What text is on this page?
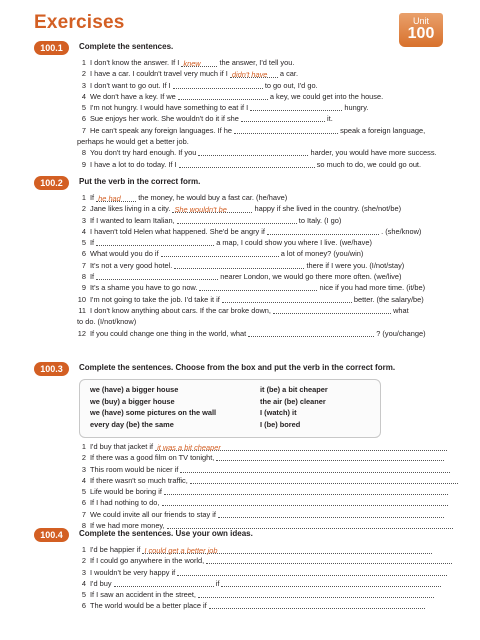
Exercises	Unit
100
100.1	Complete the sentences.
1 I don't know the answer. If I knew	the answer, I'd tell you.
2 I have a car. I couldn't travel very much if I didn't have a car.
3 I don't want to go out. If I	to go out, I'd go.
4 We don't have a key. If we	a key, we could get into the house.
5 I'm not hungry. I would have something to eat if I	hungry.
6 Sue enjoys her work. She wouldn't do it if she	it.
7 He can't speak any foreign languages. If he	speak a foreign language,
perhaps he would get a better job.
8 You don't try hard enough. If you	harder, you would have more success.
9 I have a lot to do today. If I	so much to do, we could go out.
100.2	Put the verb in the correct form.
1 If he had the money, he would buy a fast car. (he/have)
2 Jane likes living in a city. She wouldn't be	happy if she lived in the country. (she/not/be)
3 If I wanted to learn Italian,	to Italy. (I go)
4 I haven't told Helen what happened. She'd be angry if	. (she/know)
5 If	a map, I could show you where I live. (we/have)
6 What would you do if	a lot of money? (you/win)
7 It's not a very good hotel.	there if I were you. (I/not/stay)
8 If	nearer London, we would go there more often. (we/live)
9 It's a shame you have to go now.	nice if you had more time. (it/be)
10 I'm not going to take the job. I'd take it if	better. (the salary/be)
11 I don't know anything about cars. If the car broke down,	what
to do. (I/not/know)
12 If you could change one thing in the world, what	? (you/change)
100.3	Complete the sentences. Choose from the box and put the verb in the correct form.
we (have) a bigger house
we (buy) a bigger house
we (have) some pictures on the wall
every day (be) the same
it (be) a bit cheaper
the air (be) cleaner
I (watch) it
I (be) bored
1 I'd buy that jacket if it was a bit cheaper
2 If there was a good film on TV tonight,
3 This room would be nicer if
4 If there wasn't so much traffic,
5 Life would be boring if
6 If I had nothing to do,
7 We could invite all our friends to stay if
8 If we had more money,
100.4	Complete the sentences. Use your own ideas.
1 I'd be happier if I could get a better job
2 If I could go anywhere in the world,
3 I wouldn't be very happy if
4 I'd buy	if
5 If I saw an accident in the street,
6 The world would be a better place if
